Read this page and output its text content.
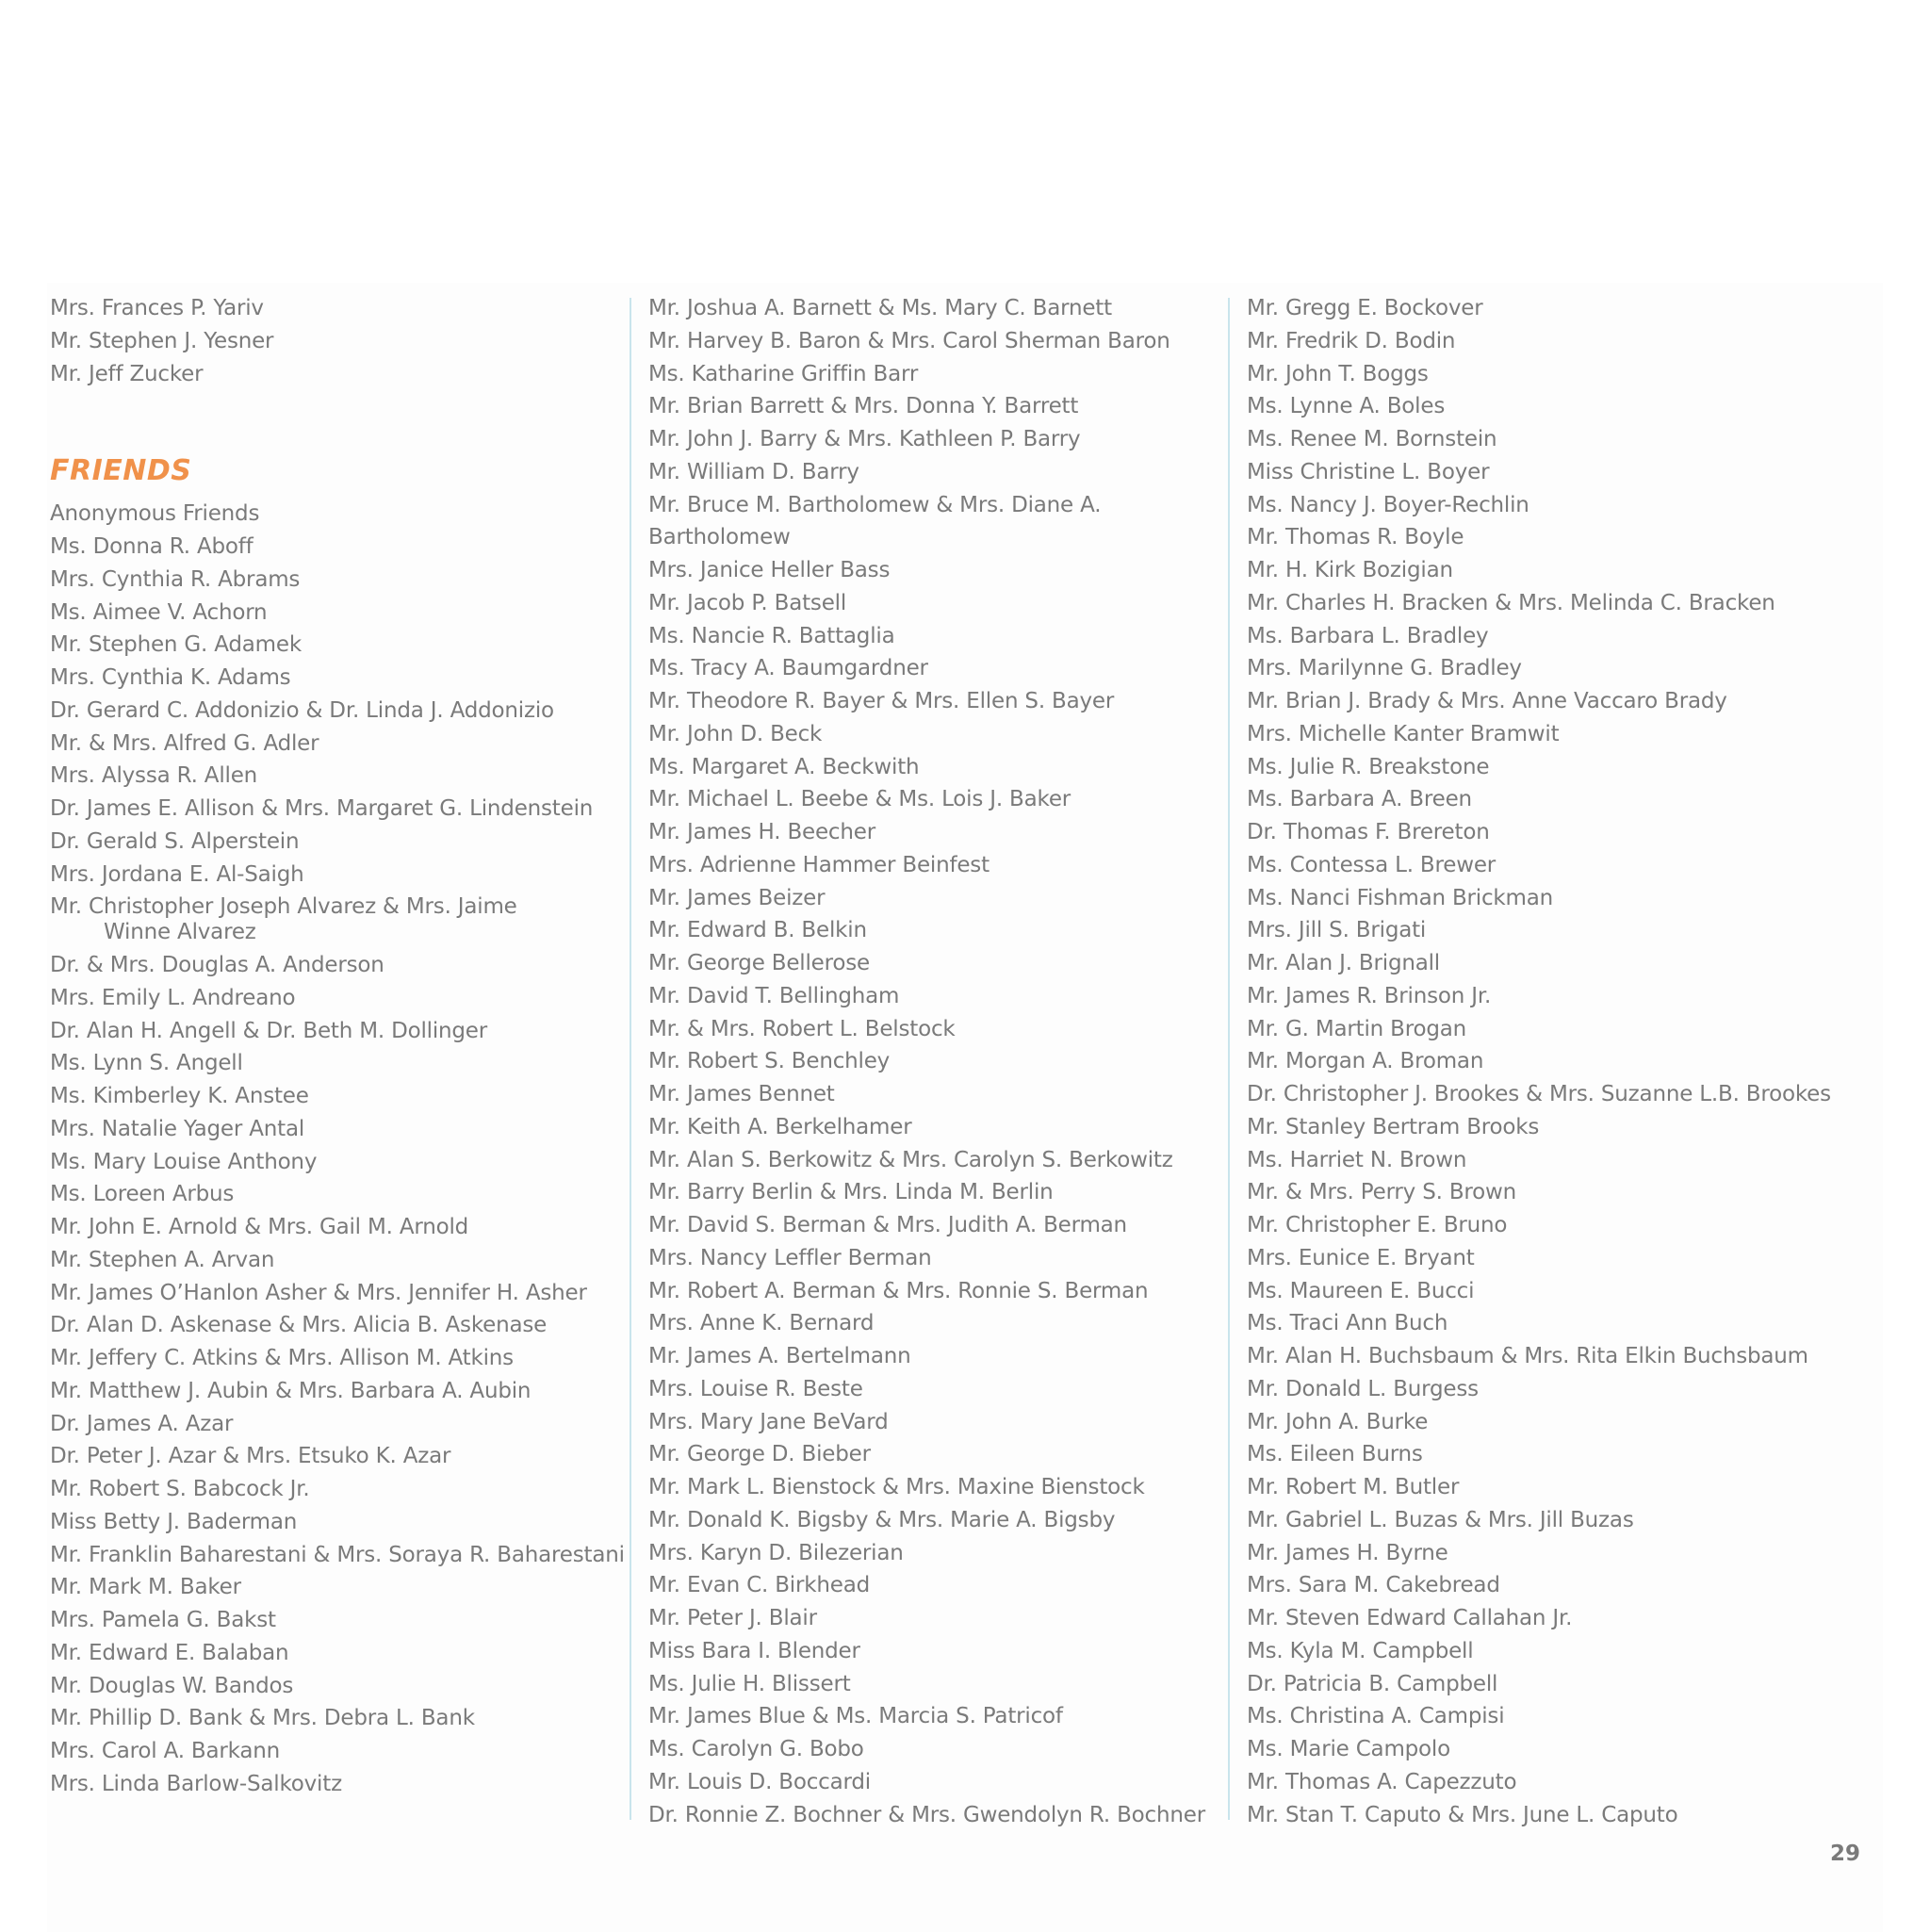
Mrs. Frances P. Yariv
Mr. Stephen J. Yesner
Mr. Jeff Zucker
FRIENDS
Anonymous Friends
Ms. Donna R. Aboff
Mrs. Cynthia R. Abrams
Ms. Aimee V. Achorn
Mr. Stephen G. Adamek
Mrs. Cynthia K. Adams
Dr. Gerard C. Addonizio & Dr. Linda J. Addonizio
Mr. & Mrs. Alfred G. Adler
Mrs. Alyssa R. Allen
Dr. James E. Allison & Mrs. Margaret G. Lindenstein
Dr. Gerald S. Alperstein
Mrs. Jordana E. Al-Saigh
Mr. Christopher Joseph Alvarez & Mrs. Jaime
Winne Alvarez
Dr. & Mrs. Douglas A. Anderson
Mrs. Emily L. Andreano
Dr. Alan H. Angell & Dr. Beth M. Dollinger
Ms. Lynn S. Angell
Ms. Kimberley K. Anstee
Mrs. Natalie Yager Antal
Ms. Mary Louise Anthony
Ms. Loreen Arbus
Mr. John E. Arnold & Mrs. Gail M. Arnold
Mr. Stephen A. Arvan
Mr. James O’Hanlon Asher & Mrs. Jennifer H. Asher
Dr. Alan D. Askenase & Mrs. Alicia B. Askenase
Mr. Jeffery C. Atkins & Mrs. Allison M. Atkins
Mr. Matthew J. Aubin & Mrs. Barbara A. Aubin
Dr. James A. Azar
Dr. Peter J. Azar & Mrs. Etsuko K. Azar
Mr. Robert S. Babcock Jr.
Miss Betty J. Baderman
Mr. Franklin Baharestani & Mrs. Soraya R. Baharestani
Mr. Mark M. Baker
Mrs. Pamela G. Bakst
Mr. Edward E. Balaban
Mr. Douglas W. Bandos
Mr. Phillip D. Bank & Mrs. Debra L. Bank
Mrs. Carol A. Barkann
Mrs. Linda Barlow-Salkovitz
Mr. Joshua A. Barnett & Ms. Mary C. Barnett
Mr. Harvey B. Baron & Mrs. Carol Sherman Baron
Ms. Katharine Griffin Barr
Mr. Brian Barrett & Mrs. Donna Y. Barrett
Mr. John J. Barry & Mrs. Kathleen P. Barry
Mr. William D. Barry
Mr. Bruce M. Bartholomew & Mrs. Diane A.
Bartholomew
Mrs. Janice Heller Bass
Mr. Jacob P. Batsell
Ms. Nancie R. Battaglia
Ms. Tracy A. Baumgardner
Mr. Theodore R. Bayer & Mrs. Ellen S. Bayer
Mr. John D. Beck
Ms. Margaret A. Beckwith
Mr. Michael L. Beebe & Ms. Lois J. Baker
Mr. James H. Beecher
Mrs. Adrienne Hammer Beinfest
Mr. James Beizer
Mr. Edward B. Belkin
Mr. George Bellerose
Mr. David T. Bellingham
Mr. & Mrs. Robert L. Belstock
Mr. Robert S. Benchley
Mr. James Bennet
Mr. Keith A. Berkelhamer
Mr. Alan S. Berkowitz & Mrs. Carolyn S. Berkowitz
Mr. Barry Berlin & Mrs. Linda M. Berlin
Mr. David S. Berman & Mrs. Judith A. Berman
Mrs. Nancy Leffler Berman
Mr. Robert A. Berman & Mrs. Ronnie S. Berman
Mrs. Anne K. Bernard
Mr. James A. Bertelmann
Mrs. Louise R. Beste
Mrs. Mary Jane BeVard
Mr. George D. Bieber
Mr. Mark L. Bienstock & Mrs. Maxine Bienstock
Mr. Donald K. Bigsby & Mrs. Marie A. Bigsby
Mrs. Karyn D. Bilezerian
Mr. Evan C. Birkhead
Mr. Peter J. Blair
Miss Bara I. Blender
Ms. Julie H. Blissert
Mr. James Blue & Ms. Marcia S. Patricof
Ms. Carolyn G. Bobo
Mr. Louis D. Boccardi
Dr. Ronnie Z. Bochner & Mrs. Gwendolyn R. Bochner
Mr. Gregg E. Bockover
Mr. Fredrik D. Bodin
Mr. John T. Boggs
Ms. Lynne A. Boles
Ms. Renee M. Bornstein
Miss Christine L. Boyer
Ms. Nancy J. Boyer-Rechlin
Mr. Thomas R. Boyle
Mr. H. Kirk Bozigian
Mr. Charles H. Bracken & Mrs. Melinda C. Bracken
Ms. Barbara L. Bradley
Mrs. Marilynne G. Bradley
Mr. Brian J. Brady & Mrs. Anne Vaccaro Brady
Mrs. Michelle Kanter Bramwit
Ms. Julie R. Breakstone
Ms. Barbara A. Breen
Dr. Thomas F. Brereton
Ms. Contessa L. Brewer
Ms. Nanci Fishman Brickman
Mrs. Jill S. Brigati
Mr. Alan J. Brignall
Mr. James R. Brinson Jr.
Mr. G. Martin Brogan
Mr. Morgan A. Broman
Dr. Christopher J. Brookes & Mrs. Suzanne L.B. Brookes
Mr. Stanley Bertram Brooks
Ms. Harriet N. Brown
Mr. & Mrs. Perry S. Brown
Mr. Christopher E. Bruno
Mrs. Eunice E. Bryant
Ms. Maureen E. Bucci
Ms. Traci Ann Buch
Mr. Alan H. Buchsbaum & Mrs. Rita Elkin Buchsbaum
Mr. Donald L. Burgess
Mr. John A. Burke
Ms. Eileen Burns
Mr. Robert M. Butler
Mr. Gabriel L. Buzas & Mrs. Jill Buzas
Mr. James H. Byrne
Mrs. Sara M. Cakebread
Mr. Steven Edward Callahan Jr.
Ms. Kyla M. Campbell
Dr. Patricia B. Campbell
Ms. Christina A. Campisi
Ms. Marie Campolo
Mr. Thomas A. Capezzuto
Mr. Stan T. Caputo & Mrs. June L. Caputo
29
